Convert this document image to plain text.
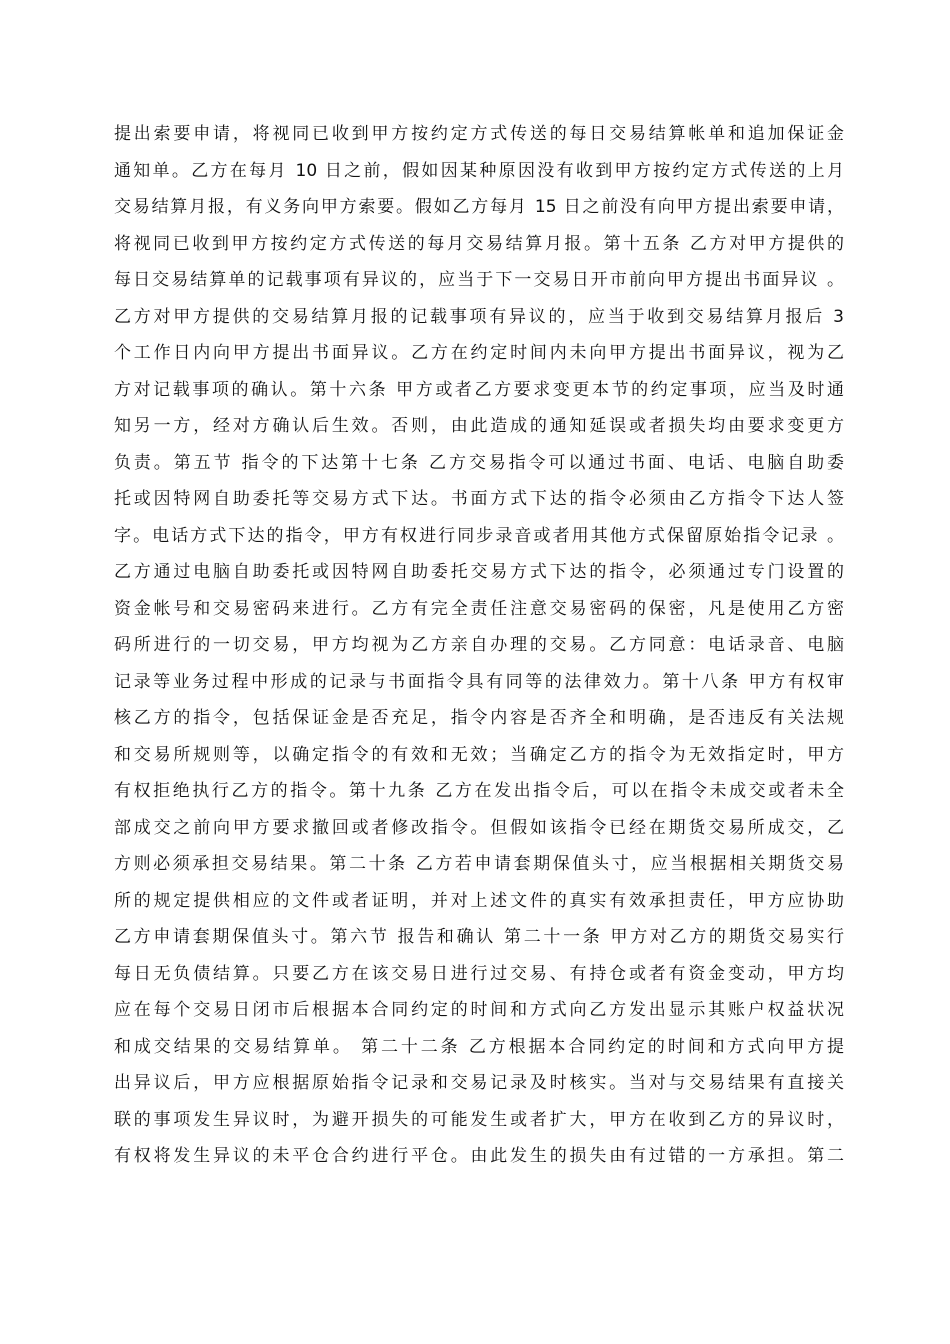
提出索要申请，将视同已收到甲方按约定方式传送的每日交易结算帐单和追加保证金
通知单。乙方在每月 10 日之前，假如因某种原因没有收到甲方按约定方式传送的上月
交易结算月报，有义务向甲方索要。假如乙方每月 15 日之前没有向甲方提出索要申请，
将视同已收到甲方按约定方式传送的每月交易结算月报。第十五条 乙方对甲方提供的
每日交易结算单的记载事项有异议的，应当于下一交易日开市前向甲方提出书面异议 。
乙方对甲方提供的交易结算月报的记载事项有异议的，应当于收到交易结算月报后 3
个工作日内向甲方提出书面异议。乙方在约定时间内未向甲方提出书面异议，视为乙
方对记载事项的确认。第十六条 甲方或者乙方要求变更本节的约定事项，应当及时通
知另一方，经对方确认后生效。否则，由此造成的通知延误或者损失均由要求变更方
负责。第五节 指令的下达第十七条 乙方交易指令可以通过书面、电话、电脑自助委
托或因特网自助委托等交易方式下达。书面方式下达的指令必须由乙方指令下达人签
字。电话方式下达的指令，甲方有权进行同步录音或者用其他方式保留原始指令记录 。
乙方通过电脑自助委托或因特网自助委托交易方式下达的指令，必须通过专门设置的
资金帐号和交易密码来进行。乙方有完全责任注意交易密码的保密，凡是使用乙方密
码所进行的一切交易，甲方均视为乙方亲自办理的交易。乙方同意：电话录音、电脑
记录等业务过程中形成的记录与书面指令具有同等的法律效力。第十八条 甲方有权审
核乙方的指令，包括保证金是否充足，指令内容是否齐全和明确，是否违反有关法规
和交易所规则等，以确定指令的有效和无效；当确定乙方的指令为无效指定时，甲方
有权拒绝执行乙方的指令。第十九条 乙方在发出指令后，可以在指令未成交或者未全
部成交之前向甲方要求撤回或者修改指令。但假如该指令已经在期货交易所成交，乙
方则必须承担交易结果。第二十条 乙方若申请套期保值头寸，应当根据相关期货交易
所的规定提供相应的文件或者证明，并对上述文件的真实有效承担责任，甲方应协助
乙方申请套期保值头寸。第六节 报告和确认 第二十一条 甲方对乙方的期货交易实行
每日无负债结算。只要乙方在该交易日进行过交易、有持仓或者有资金变动，甲方均
应在每个交易日闭市后根据本合同约定的时间和方式向乙方发出显示其账户权益状况
和成交结果的交易结算单。 第二十二条 乙方根据本合同约定的时间和方式向甲方提
出异议后，甲方应根据原始指令记录和交易记录及时核实。当对与交易结果有直接关
联的事项发生异议时，为避开损失的可能发生或者扩大，甲方在收到乙方的异议时，
有权将发生异议的未平仓合约进行平仓。由此发生的损失由有过错的一方承担。第二
